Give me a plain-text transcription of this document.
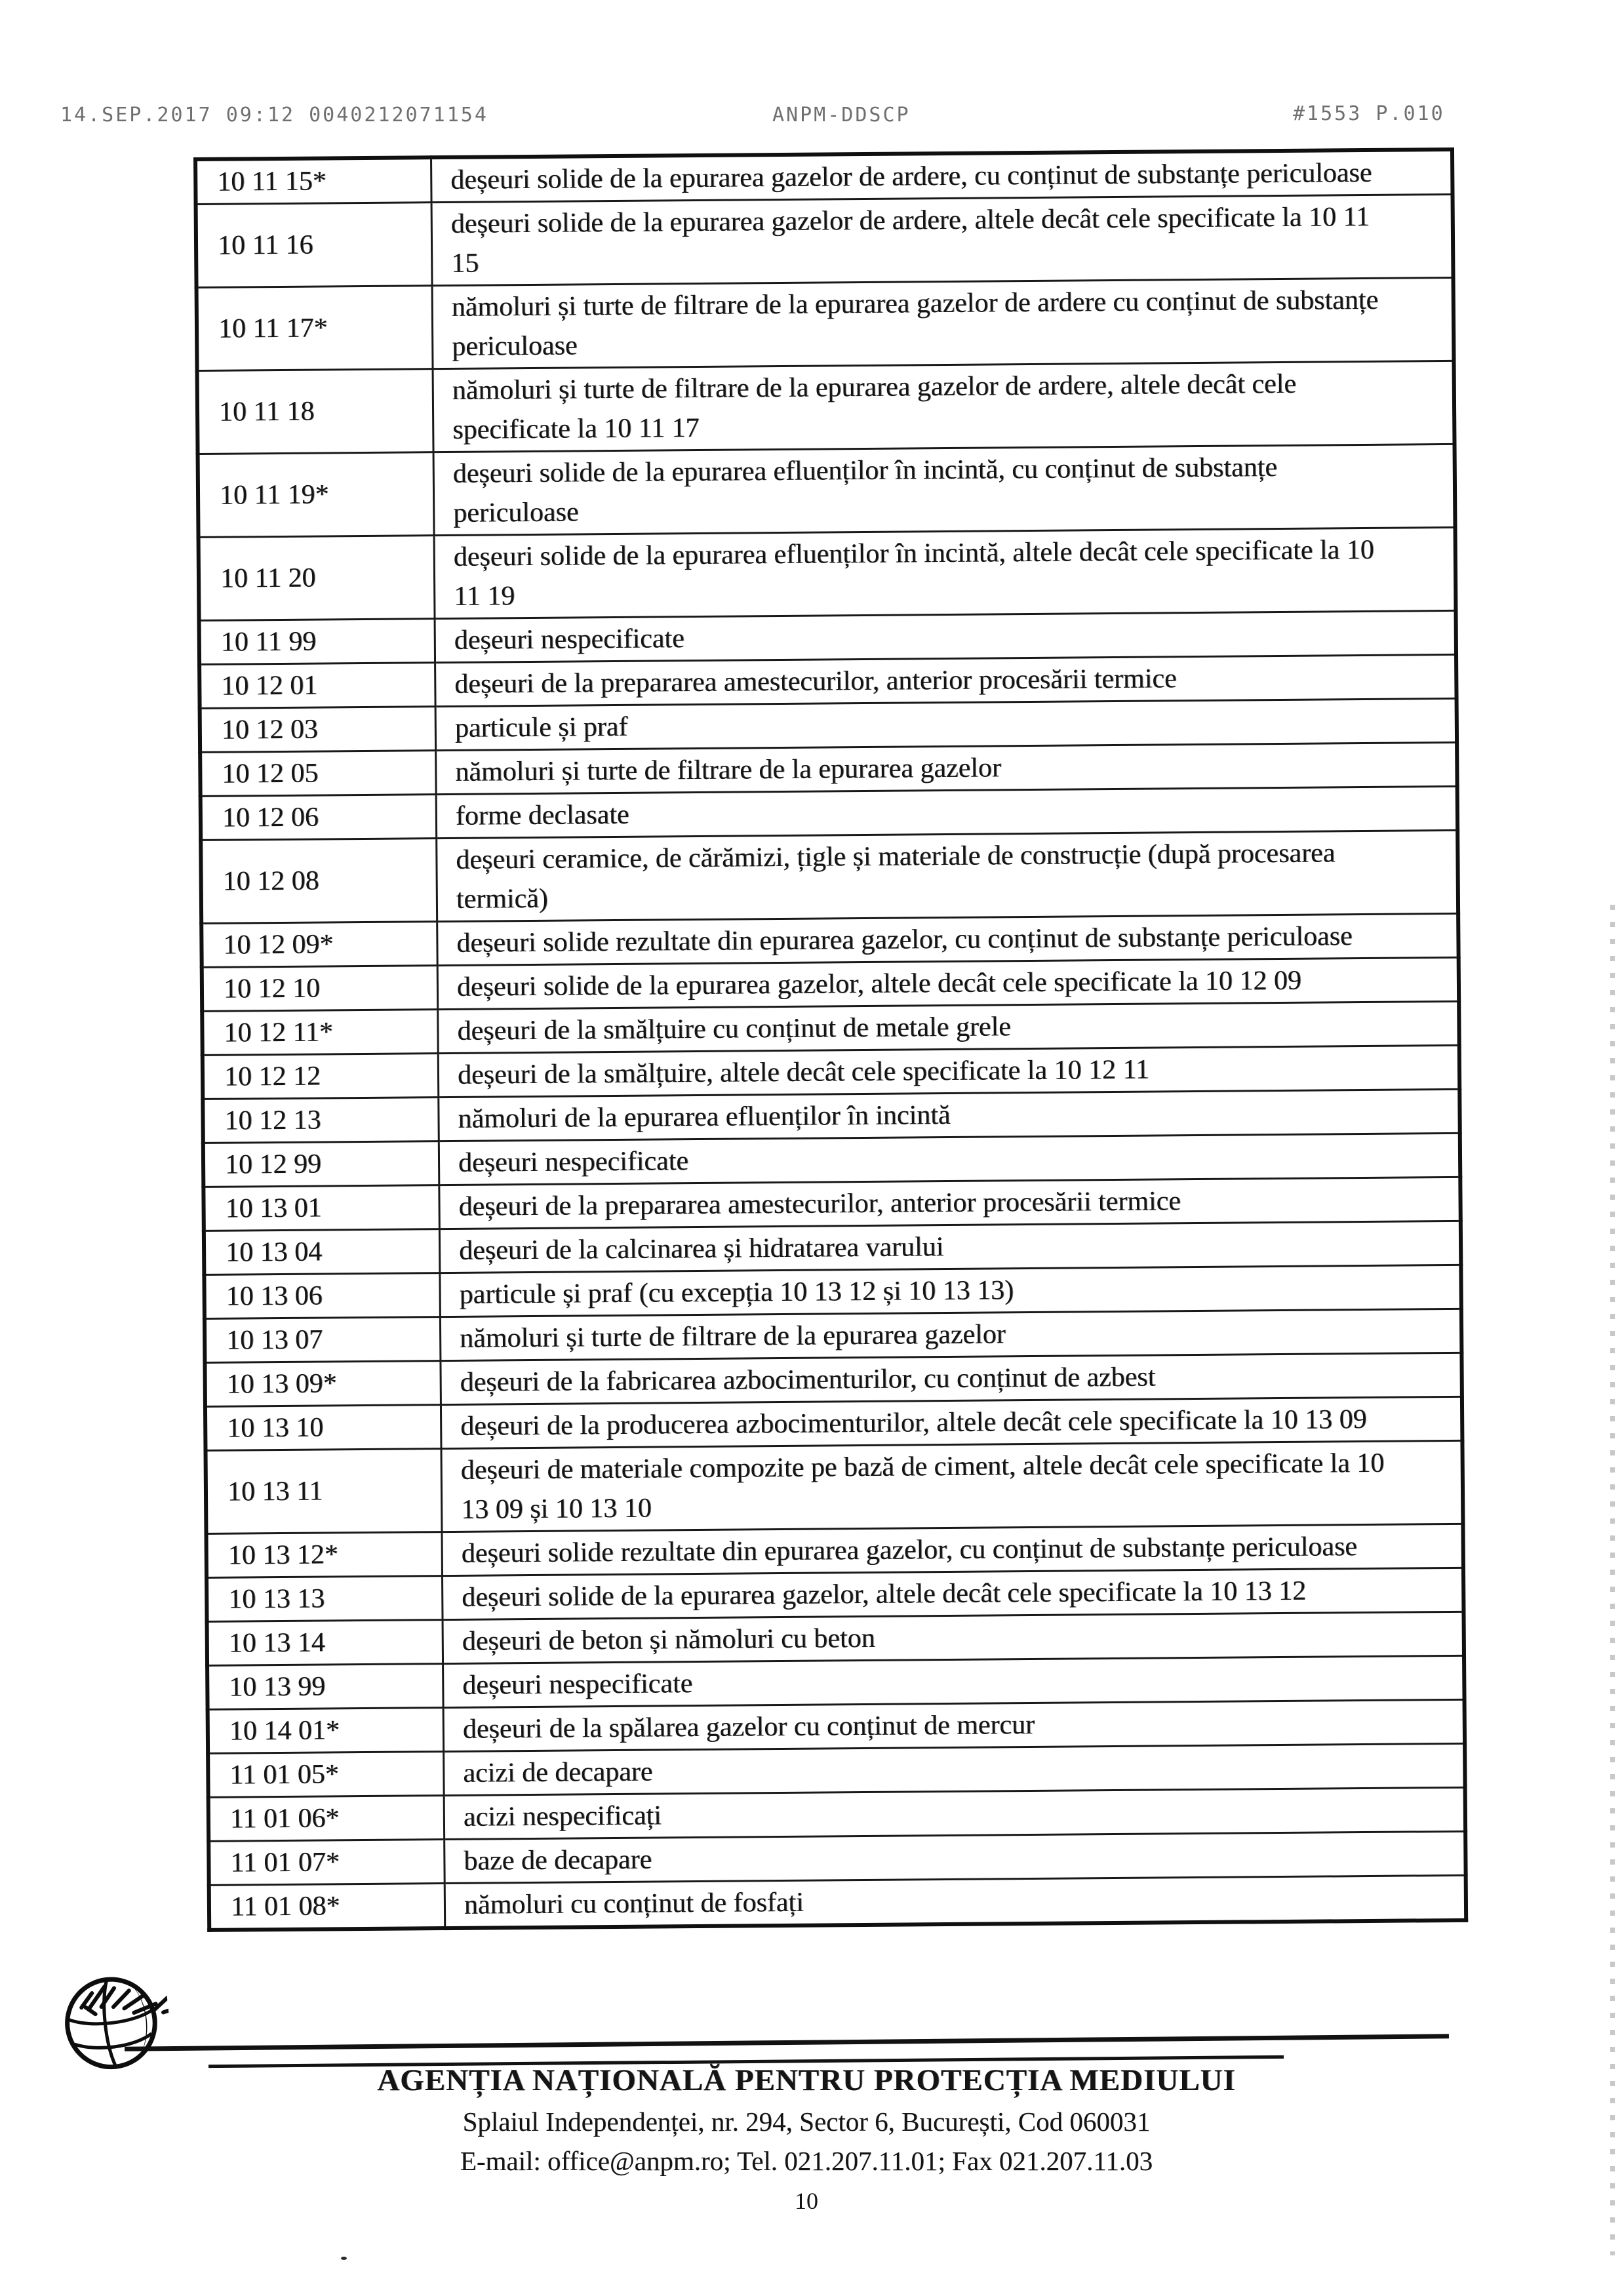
14.SEP.2017 09:12 0040212071154	ANPM-DDSCP	#1553 P.010
10 11 15*	deșeuri solide de la epurarea gazelor de ardere, cu conținut de substanțe periculoase
10 11 16	deșeuri solide de la epurarea gazelor de ardere, altele decât cele specificate la 10 11 15
10 11 17*	nămoluri și turte de filtrare de la epurarea gazelor de ardere cu conținut de substanțe periculoase
10 11 18	nămoluri și turte de filtrare de la epurarea gazelor de ardere, altele decât cele specificate la 10 11 17
10 11 19*	deșeuri solide de la epurarea efluenților în incintă, cu conținut de substanțe periculoase
10 11 20	deșeuri solide de la epurarea efluenților în incintă, altele decât cele specificate la 10 11 19
10 11 99	deșeuri nespecificate
10 12 01	deșeuri de la prepararea amestecurilor, anterior procesării termice
10 12 03	particule și praf
10 12 05	nămoluri și turte de filtrare de la epurarea gazelor
10 12 06	forme declasate
10 12 08	deșeuri ceramice, de cărămizi, țigle și materiale de construcție (după procesarea termică)
10 12 09*	deșeuri solide rezultate din epurarea gazelor, cu conținut de substanțe periculoase
10 12 10	deșeuri solide de la epurarea gazelor, altele decât cele specificate la 10 12 09
10 12 11*	deșeuri de la smălțuire cu conținut de metale grele
10 12 12	deșeuri de la smălțuire, altele decât cele specificate la 10 12 11
10 12 13	nămoluri de la epurarea efluenților în incintă
10 12 99	deșeuri nespecificate
10 13 01	deșeuri de la prepararea amestecurilor, anterior procesării termice
10 13 04	deșeuri de la calcinarea și hidratarea varului
10 13 06	particule și praf (cu excepția 10 13 12 și 10 13 13)
10 13 07	nămoluri și turte de filtrare de la epurarea gazelor
10 13 09*	deșeuri de la fabricarea azbocimenturilor, cu conținut de azbest
10 13 10	deșeuri de la producerea azbocimenturilor, altele decât cele specificate la 10 13 09
10 13 11	deșeuri de materiale compozite pe bază de ciment, altele decât cele specificate la 10 13 09 și 10 13 10
10 13 12*	deșeuri solide rezultate din epurarea gazelor, cu conținut de substanțe periculoase
10 13 13	deșeuri solide de la epurarea gazelor, altele decât cele specificate la 10 13 12
10 13 14	deșeuri de beton și nămoluri cu beton
10 13 99	deșeuri nespecificate
10 14 01*	deșeuri de la spălarea gazelor cu conținut de mercur
11 01 05*	acizi de decapare
11 01 06*	acizi nespecificați
11 01 07*	baze de decapare
11 01 08*	nămoluri cu conținut de fosfați
AGENȚIA NAȚIONALĂ PENTRU PROTECȚIA MEDIULUI
Splaiul Independenței, nr. 294, Sector 6, București, Cod 060031
E-mail: office@anpm.ro; Tel. 021.207.11.01; Fax 021.207.11.03
10
